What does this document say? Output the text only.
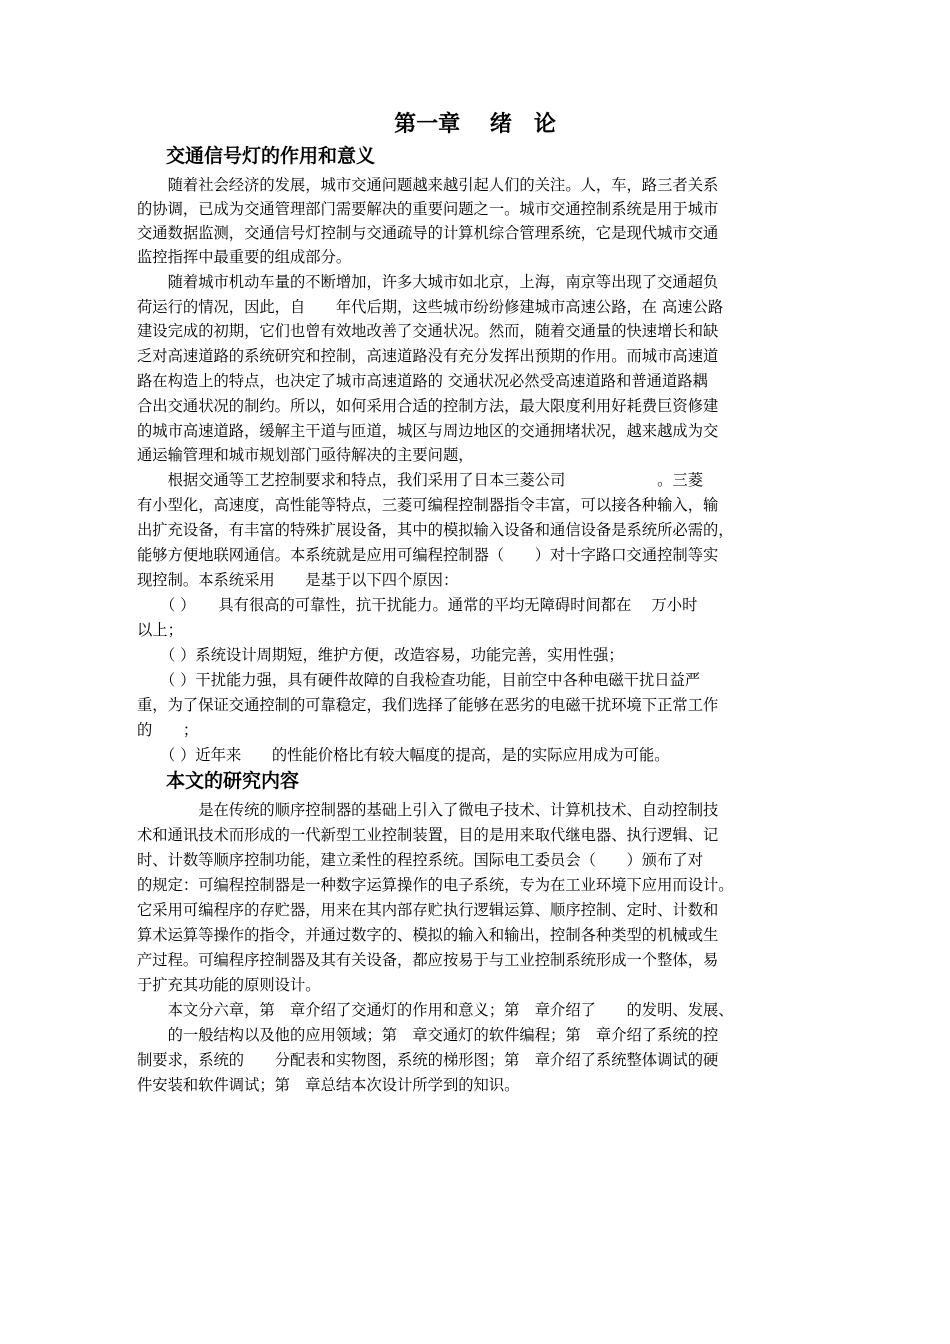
第一章　 绪　论
交通信号灯的作用和意义

　　随着社会经济的发展，城市交通问题越来越引起人们的关注。人，车，路三者关系

的协调，已成为交通管理部门需要解决的重要问题之一。城市交通控制系统是用于城市

交通数据监测，交通信号灯控制与交通疏导的计算机综合管理系统，它是现代城市交通

监控指挥中最重要的组成部分。

　　随着城市机动车量的不断增加，许多大城市如北京，上海，南京等出现了交通超负

荷运行的情况，因此，自　　年代后期，这些城市纷纷修建城市高速公路，在 高速公路

建设完成的初期，它们也曾有效地改善了交通状况。然而，随着交通量的快速增长和缺

乏对高速道路的系统研究和控制，高速道路没有充分发挥出预期的作用。而城市高速道

路在构造上的特点，也决定了城市高速道路的 交通状况必然受高速道路和普通道路耦

合出交通状况的制约。所以，如何采用合适的控制方法，最大限度利用好耗费巨资修建

的城市高速道路，缓解主干道与匝道，城区与周边地区的交通拥堵状况，越来越成为交

通运输管理和城市规划部门亟待解决的主要问题，

　　根据交通等工艺控制要求和特点，我们采用了日本三菱公司　　　　　　。三菱

有小型化，高速度，高性能等特点，三菱可编程控制器指令丰富，可以接各种输入，输

出扩充设备，有丰富的特殊扩展设备，其中的模拟输入设备和通信设备是系统所必需的，

能够方便地联网通信。本系统就是应用可编程控制器（　　）对十字路口交通控制等实

现控制。本系统采用　　是基于以下四个原因：

　　（ ）　　具有很高的可靠性，抗干扰能力。通常的平均无障碍时间都在　 万小时

以上；

　　（ ）系统设计周期短，维护方便，改造容易，功能完善，实用性强；

　　（ ）干扰能力强，具有硬件故障的自我检查功能，目前空中各种电磁干扰日益严

重，为了保证交通控制的可靠稳定，我们选择了能够在恶劣的电磁干扰环境下正常工作

的　　；

　　（ ）近年来　　的性能价格比有较大幅度的提高，是的实际应用成为可能。

本文的研究内容

　　　　是在传统的顺序控制器的基础上引入了微电子技术、计算机技术、自动控制技

术和通讯技术而形成的一代新型工业控制装置，目的是用来取代继电器、执行逻辑、记

时、计数等顺序控制功能，建立柔性的程控系统。国际电工委员会（　　）颁布了对

的规定：可编程控制器是一种数字运算操作的电子系统，专为在工业环境下应用而设计。

它采用可编程序的存贮器，用来在其内部存贮执行逻辑运算、顺序控制、定时、计数和

算术运算等操作的指令，并通过数字的、模拟的输入和输出，控制各种类型的机械或生

产过程。可编程序控制器及其有关设备，都应按易于与工业控制系统形成一个整体，易

于扩充其功能的原则设计。

　　本文分六章，第　章介绍了交通灯的作用和意义；第　章介绍了　　的发明、发展、

　　的一般结构以及他的应用领域；第　章交通灯的软件编程；第　章介绍了系统的控

制要求，系统的　　分配表和实物图，系统的梯形图；第　章介绍了系统整体调试的硬

件安装和软件调试；第　章总结本次设计所学到的知识。
